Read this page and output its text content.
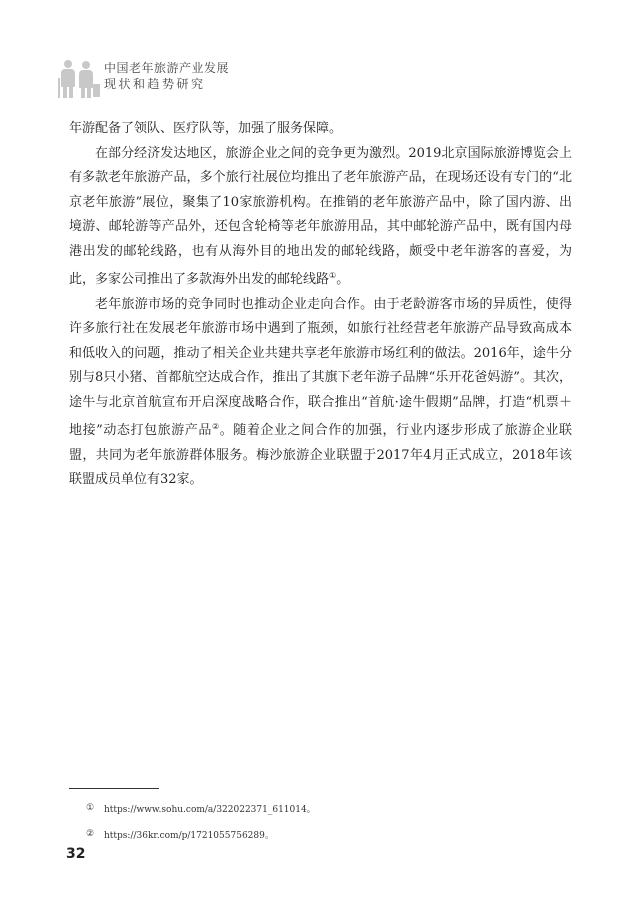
中国老年旅游产业发展
现状和趋势研究

年游配备了领队、医疗队等，加强了服务保障。

在部分经济发达地区，旅游企业之间的竞争更为激烈。2019北京国际旅游博览会上有多款老年旅游产品，多个旅行社展位均推出了老年旅游产品，在现场还设有专门的“北京老年旅游”展位，聚集了10家旅游机构。在推销的老年旅游产品中，除了国内游、出境游、邮轮游等产品外，还包含轮椅等老年旅游用品，其中邮轮游产品中，既有国内母港出发的邮轮线路，也有从海外目的地出发的邮轮线路，颇受中老年游客的喜爱，为此，多家公司推出了多款海外出发的邮轮线路①。

老年旅游市场的竞争同时也推动企业走向合作。由于老龄游客市场的异质性，使得许多旅行社在发展老年旅游市场中遇到了瓶颈，如旅行社经营老年旅游产品导致高成本和低收入的问题，推动了相关企业共建共享老年旅游市场红利的做法。2016年，途牛分别与8只小猪、首都航空达成合作，推出了其旗下老年游子品牌“乐开花爸妈游”。其次，途牛与北京首航宣布开启深度战略合作，联合推出“首航·途牛假期”品牌，打造“机票＋地接”动态打包旅游产品②。随着企业之间合作的加强，行业内逐步形成了旅游企业联盟，共同为老年旅游群体服务。梅沙旅游企业联盟于2017年4月正式成立，2018年该联盟成员单位有32家。

①	https://www.sohu.com/a/322022371_611014。
②	https://36kr.com/p/1721055756289。
32
